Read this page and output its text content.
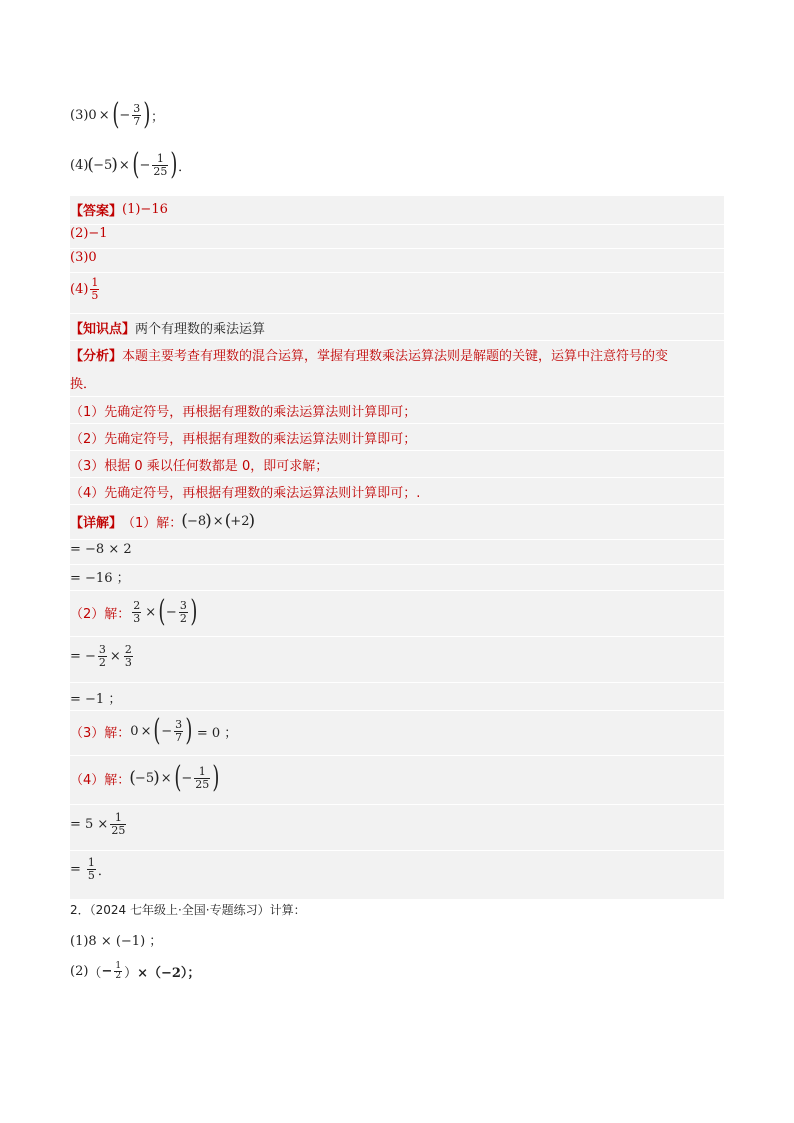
(3) 0 × ( − $\frac{3}{7}$ ) ；
(4) ( −5 ) × ( − $\frac{1}{25}$ ) ．
【答案】 (1)−16
(2)−1
(3)0
$(4) \frac{1}{5}$
【知识点】 两个有理数的乘法运算
【分析】 本题主要考查有理数的混合运算，掌握有理数乘法运算法则是解题的关键，运算中注意符号的变
换．
（1）先确定符号，再根据有理数的乘法运算法则计算即可；
（2）先确定符号，再根据有理数的乘法运算法则计算即可；
（3）根据 0 乘以任何数都是 0，即可求解；
（4）先确定符号，再根据有理数的乘法运算法则计算即可；.
【详解】 （1）解： ( −8 ) × ( +2 )
= −8 × 2
= −16 ；
（2）解： $\frac{2}{3}$ × ( − $\frac{3}{2}$ )
= − $\frac{3}{2} \times \frac{2}{3}$
= −1 ；
（3）解： 0 × ( − $\frac{3}{7}$ ) = 0 ；
（4）解： ( −5 ) × ( − $\frac{1}{25}$ )
= $5 \times \frac{1}{25}$
= $\frac{1}{5}$ ．
2．（2024 七年级上·全国·专题练习）计算：
(1)8 × (−1) ；
(2) （ − $\frac{1}{2}$ ） ×（−2）；
